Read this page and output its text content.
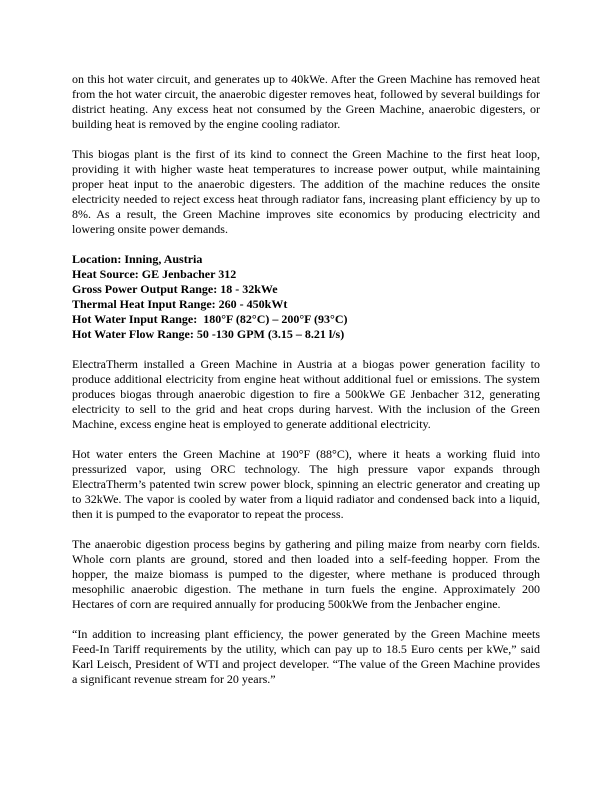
on this hot water circuit, and generates up to 40kWe. After the Green Machine has removed heat from the hot water circuit, the anaerobic digester removes heat, followed by several buildings for district heating. Any excess heat not consumed by the Green Machine, anaerobic digesters, or building heat is removed by the engine cooling radiator.

This biogas plant is the first of its kind to connect the Green Machine to the first heat loop, providing it with higher waste heat temperatures to increase power output, while maintaining proper heat input to the anaerobic digesters. The addition of the machine reduces the onsite electricity needed to reject excess heat through radiator fans, increasing plant efficiency by up to 8%. As a result, the Green Machine improves site economics by producing electricity and lowering onsite power demands.

Location: Inning, Austria
Heat Source: GE Jenbacher 312
Gross Power Output Range: 18 - 32kWe
Thermal Heat Input Range: 260 - 450kWt
Hot Water Input Range:  180°F (82°C) – 200°F (93°C)
Hot Water Flow Range: 50 -130 GPM (3.15 – 8.21 l/s)

ElectraTherm installed a Green Machine in Austria at a biogas power generation facility to produce additional electricity from engine heat without additional fuel or emissions. The system produces biogas through anaerobic digestion to fire a 500kWe GE Jenbacher 312, generating electricity to sell to the grid and heat crops during harvest. With the inclusion of the Green Machine, excess engine heat is employed to generate additional electricity.

Hot water enters the Green Machine at 190°F (88°C), where it heats a working fluid into pressurized vapor, using ORC technology. The high pressure vapor expands through ElectraTherm’s patented twin screw power block, spinning an electric generator and creating up to 32kWe. The vapor is cooled by water from a liquid radiator and condensed back into a liquid, then it is pumped to the evaporator to repeat the process.

The anaerobic digestion process begins by gathering and piling maize from nearby corn fields. Whole corn plants are ground, stored and then loaded into a self-feeding hopper. From the hopper, the maize biomass is pumped to the digester, where methane is produced through mesophilic anaerobic digestion. The methane in turn fuels the engine. Approximately 200 Hectares of corn are required annually for producing 500kWe from the Jenbacher engine.

“In addition to increasing plant efficiency, the power generated by the Green Machine meets Feed-In Tariff requirements by the utility, which can pay up to 18.5 Euro cents per kWe,” said Karl Leisch, President of WTI and project developer. “The value of the Green Machine provides a significant revenue stream for 20 years.”
